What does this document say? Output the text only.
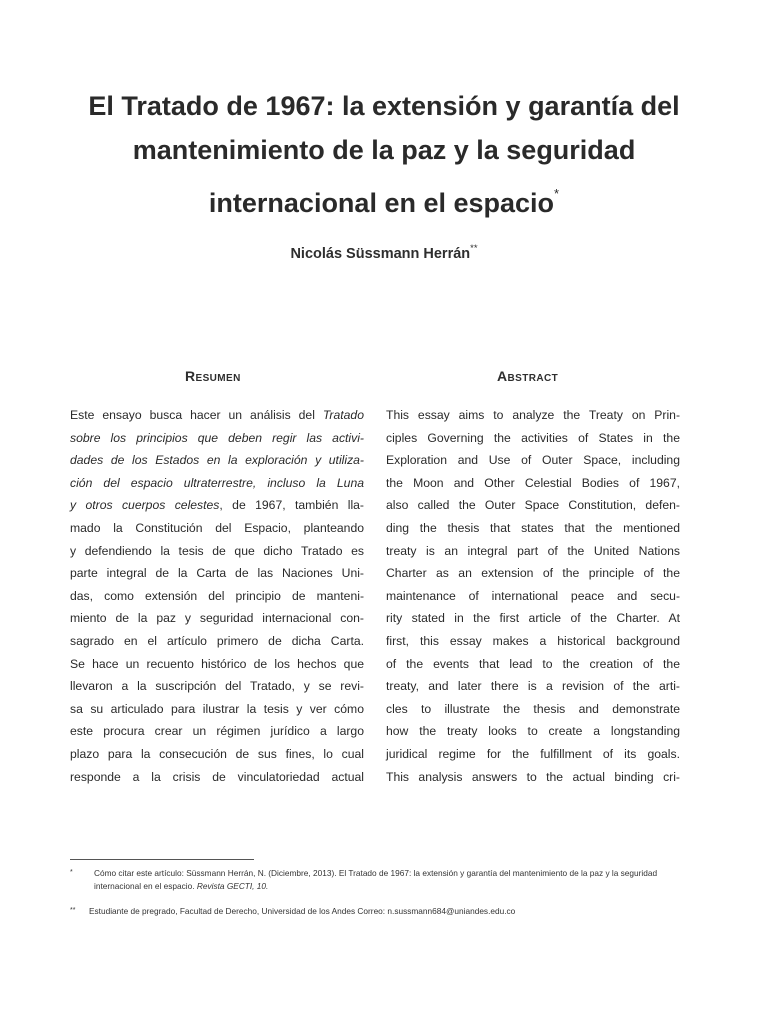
El Tratado de 1967: la extensión y garantía del
mantenimiento de la paz y la seguridad
internacional en el espacio*
Nicolás Süssmann Herrán**
Resumen	Abstract
Este ensayo busca hacer un análisis del Tratado
sobre los principios que deben regir las activi-
dades de los Estados en la exploración y utiliza-
ción del espacio ultraterrestre, incluso la Luna
y otros cuerpos celestes, de 1967, también lla-
mado la Constitución del Espacio, planteando
y defendiendo la tesis de que dicho Tratado es
parte integral de la Carta de las Naciones Uni-
das, como extensión del principio de manteni-
miento de la paz y seguridad internacional con-
sagrado en el artículo primero de dicha Carta.
Se hace un recuento histórico de los hechos que
llevaron a la suscripción del Tratado, y se revi-
sa su articulado para ilustrar la tesis y ver cómo
este procura crear un régimen jurídico a largo
plazo para la consecución de sus fines, lo cual
responde a la crisis de vinculatoriedad actual
This essay aims to analyze the Treaty on Prin-
ciples Governing the activities of States in the
Exploration and Use of Outer Space, including
the Moon and Other Celestial Bodies of 1967,
also called the Outer Space Constitution, defen-
ding the thesis that states that the mentioned
treaty is an integral part of the United Nations
Charter as an extension of the principle of the
maintenance of international peace and secu-
rity stated in the first article of the Charter. At
first, this essay makes a historical background
of the events that lead to the creation of the
treaty, and later there is a revision of the arti-
cles to illustrate the thesis and demonstrate
how the treaty looks to create a longstanding
juridical regime for the fulfillment of its goals.
This analysis answers to the actual binding cri-
*	Cómo citar este artículo: Süssmann Herrán, N. (Diciembre, 2013). El Tratado de 1967: la extensión y garantía del mantenimiento de la paz y la seguridad
internacional en el espacio. Revista GECTI, 10.
** Estudiante de pregrado, Facultad de Derecho, Universidad de los Andes Correo: n.sussmann684@uniandes.edu.co
